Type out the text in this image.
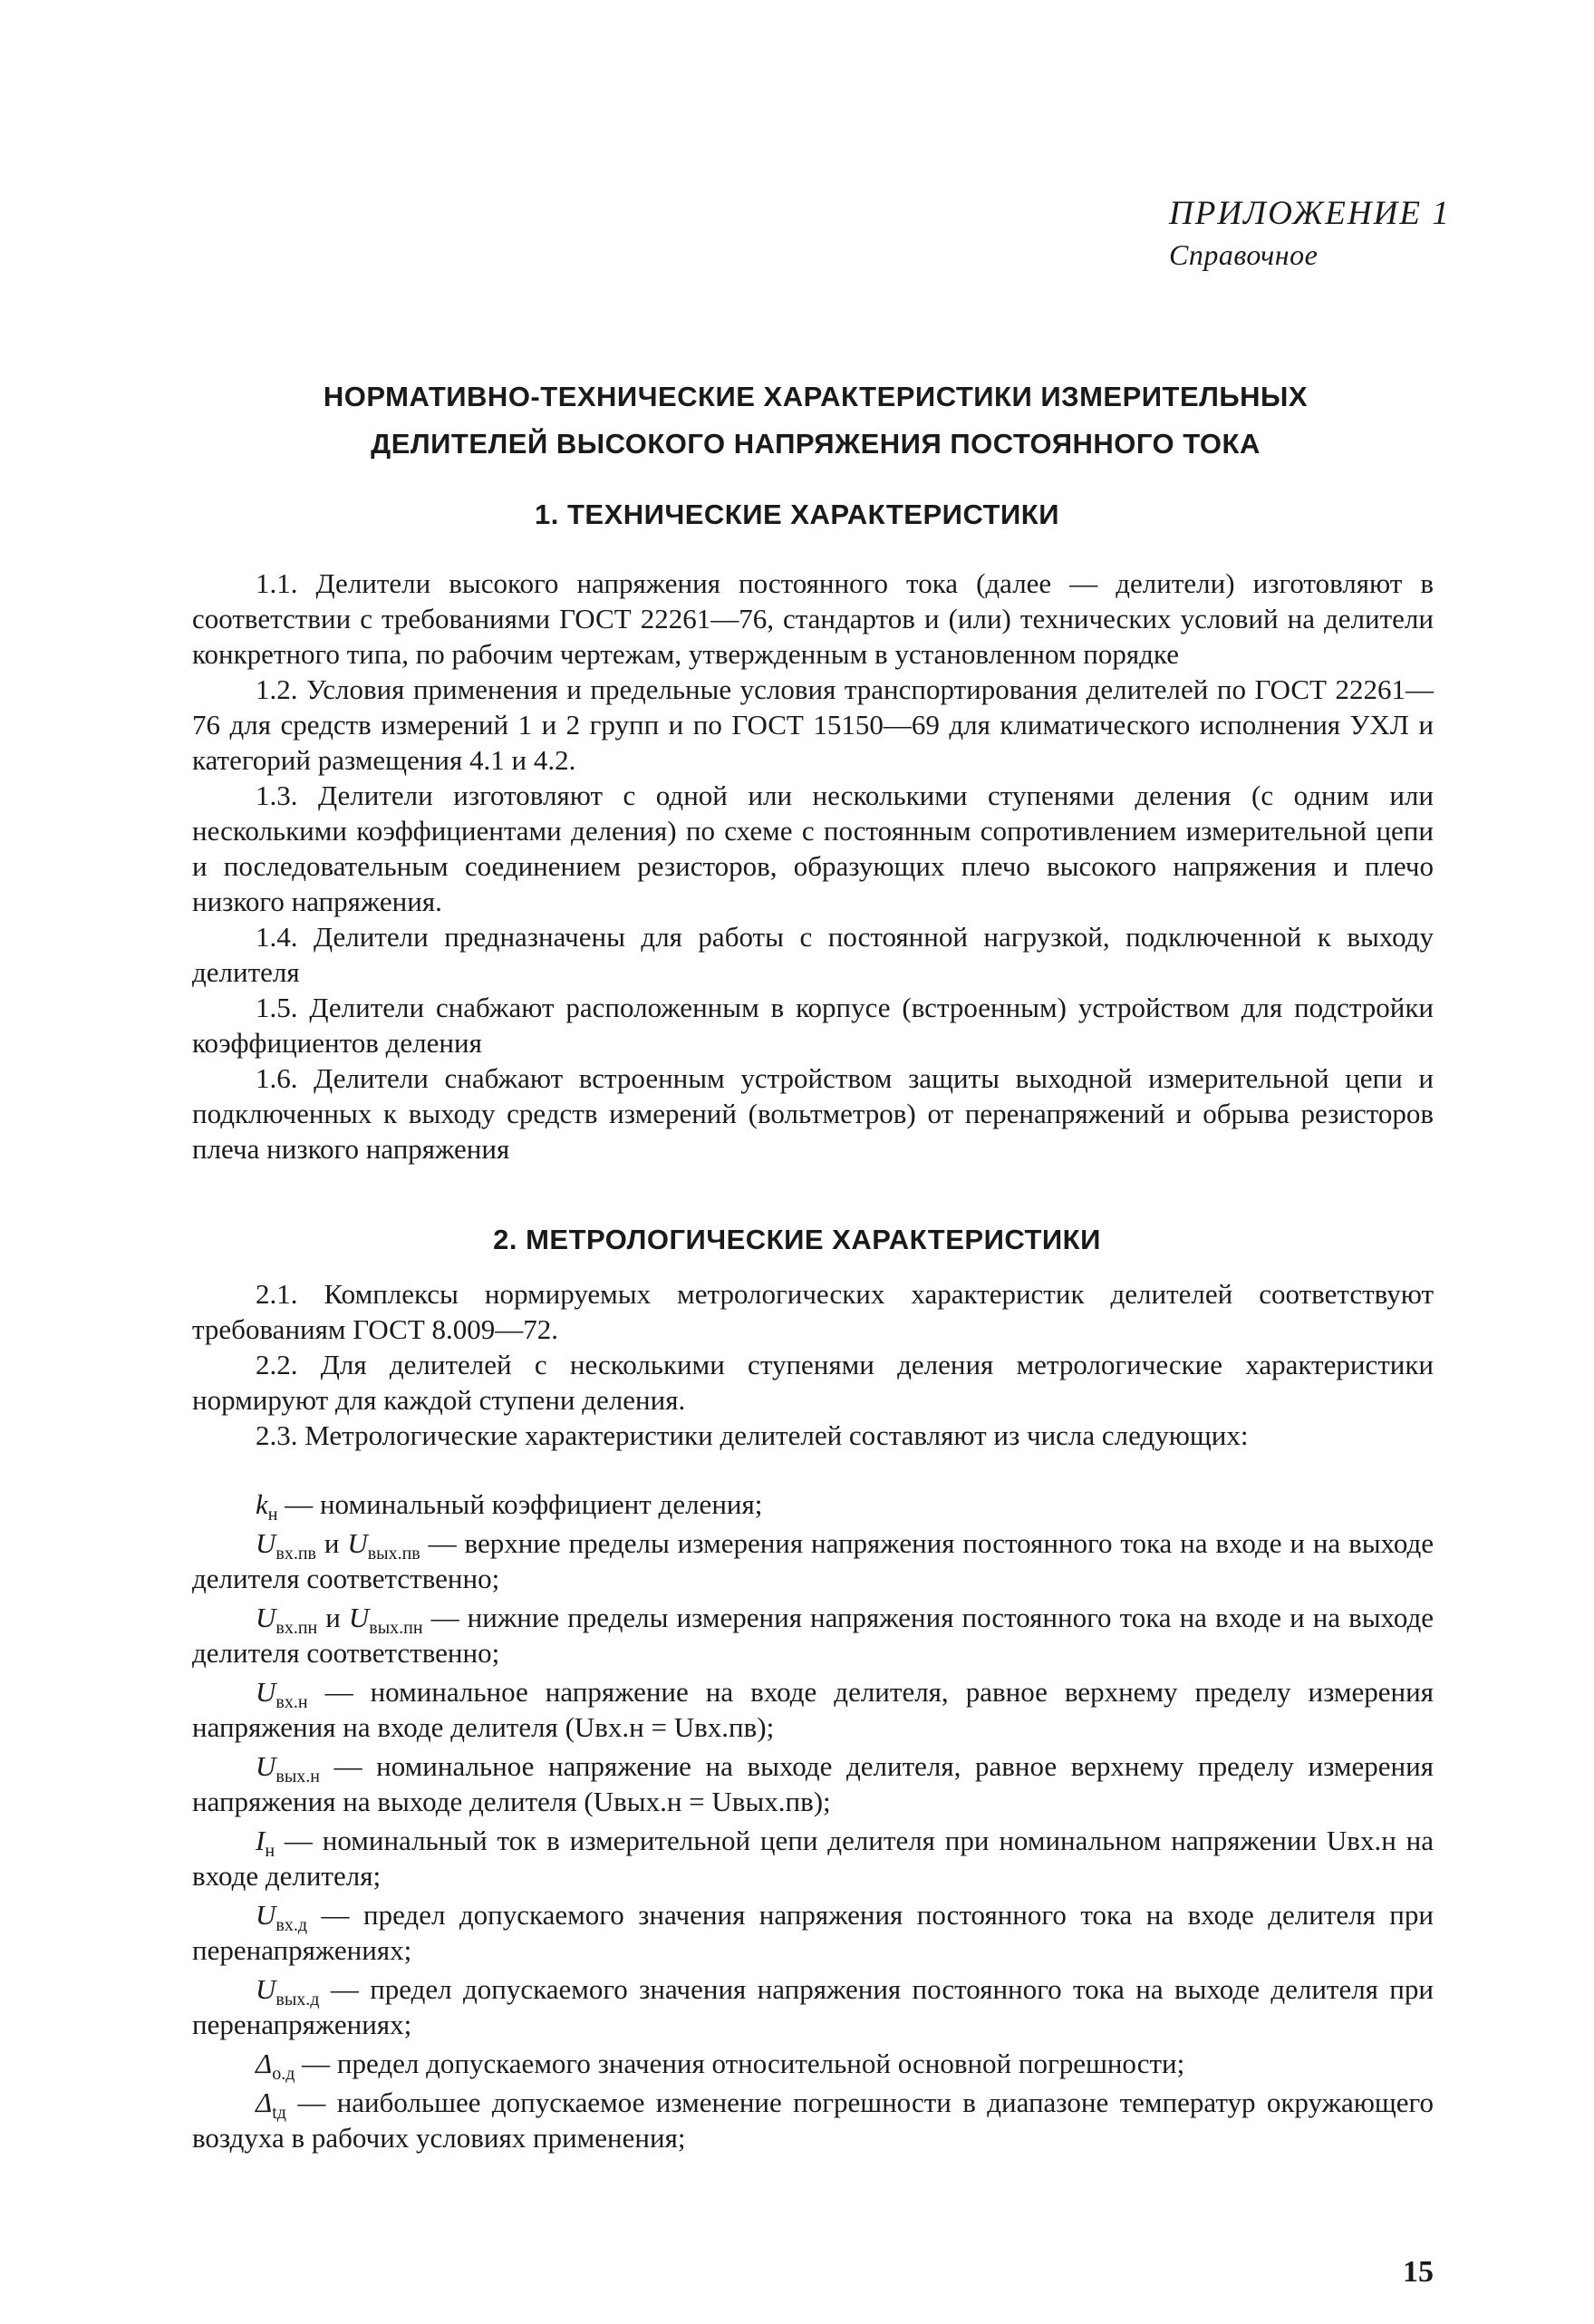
ПРИЛОЖЕНИЕ 1
Справочное
НОРМАТИВНО-ТЕХНИЧЕСКИЕ ХАРАКТЕРИСТИКИ ИЗМЕРИТЕЛЬНЫХ
ДЕЛИТЕЛЕЙ ВЫСОКОГО НАПРЯЖЕНИЯ ПОСТОЯННОГО ТОКА
1. ТЕХНИЧЕСКИЕ ХАРАКТЕРИСТИКИ

1.1. Делители высокого напряжения постоянного тока (далее — делители) изготовляют в соответствии с требованиями ГОСТ 22261—76, стандартов и (или) технических условий на делители конкретного типа, по рабочим чертежам, утвержденным в установленном порядке

1.2. Условия применения и предельные условия транспортирования делителей по ГОСТ 22261—76 для средств измерений 1 и 2 групп и по ГОСТ 15150—69 для климатического исполнения УХЛ и категорий размещения 4.1 и 4.2.

1.3. Делители изготовляют с одной или несколькими ступенями деления (с одним или несколькими коэффициентами деления) по схеме с постоянным сопротивлением измерительной цепи и последовательным соединением резисторов, образующих плечо высокого напряжения и плечо низкого напряжения.

1.4. Делители предназначены для работы с постоянной нагрузкой, подключенной к выходу делителя

1.5. Делители снабжают расположенным в корпусе (встроенным) устройством для подстройки коэффициентов деления

1.6. Делители снабжают встроенным устройством защиты выходной измерительной цепи и подключенных к выходу средств измерений (вольтметров) от перенапряжений и обрыва резисторов плеча низкого напряжения

2. МЕТРОЛОГИЧЕСКИЕ ХАРАКТЕРИСТИКИ

2.1. Комплексы нормируемых метрологических характеристик делителей соответствуют требованиям ГОСТ 8.009—72.

2.2. Для делителей с несколькими ступенями деления метрологические характеристики нормируют для каждой ступени деления.

2.3. Метрологические характеристики делителей составляют из числа следующих:

$k_н$ — номинальный коэффициент деления;
$U_{вх.пв}$ и $U_{вых.пв}$ — верхние пределы измерения напряжения постоянного тока на входе и на выходе делителя соответственно;
$U_{вх.пн}$ и $U_{вых.пн}$ — нижние пределы измерения напряжения постоянного тока на входе и на выходе делителя соответственно;
$U_{вх.н}$ — номинальное напряжение на входе делителя, равное верхнему пределу измерения напряжения на входе делителя (Uвх.н = Uвх.пв);
$U_{вых.н}$ — номинальное напряжение на выходе делителя, равное верхнему пределу измерения напряжения на выходе делителя (Uвых.н = Uвых.пв);
$I_н$ — номинальный ток в измерительной цепи делителя при номинальном напряжении Uвх.н на входе делителя;
$U_{вх.д}$ — предел допускаемого значения напряжения постоянного тока на входе делителя при перенапряжениях;
$U_{вых.д}$ — предел допускаемого значения напряжения постоянного тока на выходе делителя при перенапряжениях;
$\Delta_{о.д}$ — предел допускаемого значения относительной основной погрешности;
$\Delta_{tд}$ — наибольшее допускаемое изменение погрешности в диапазоне температур окружающего воздуха в рабочих условиях применения;
15
